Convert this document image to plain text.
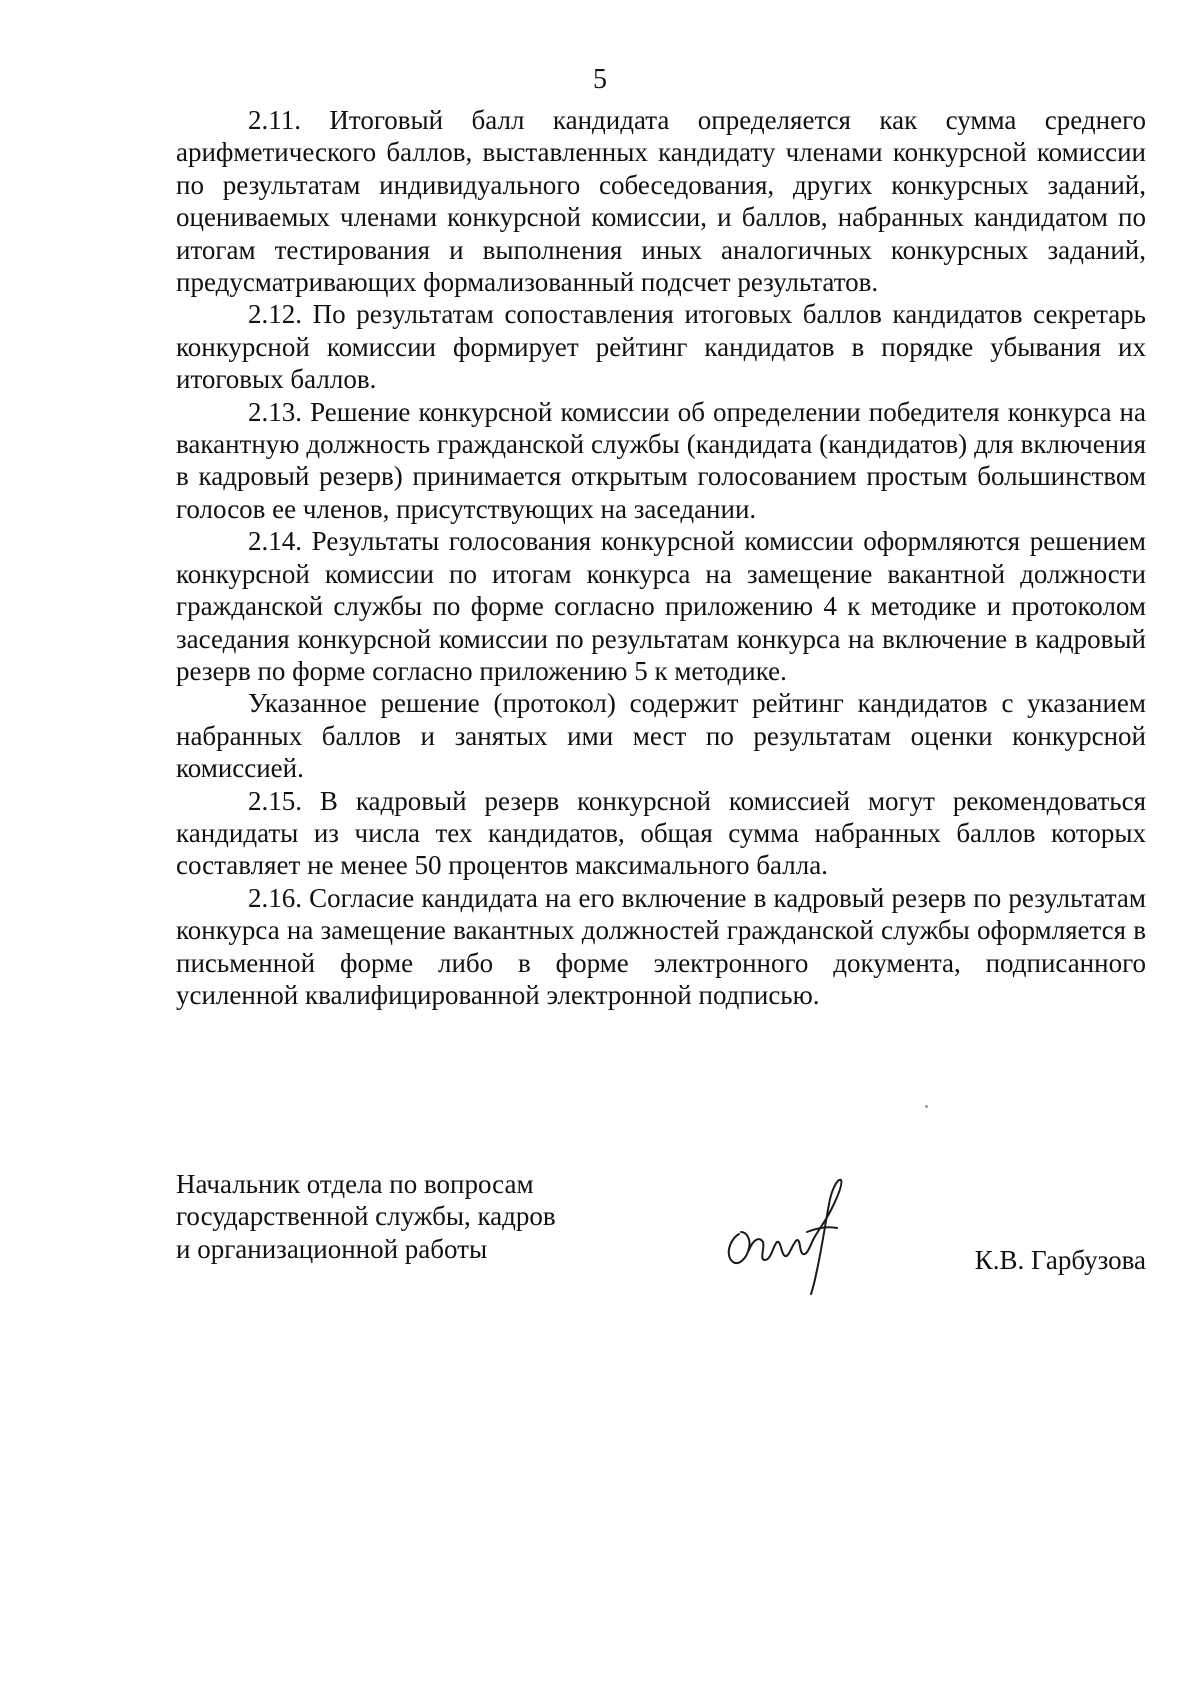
5

2.11. Итоговый балл кандидата определяется как сумма среднего арифметического баллов, выставленных кандидату членами конкурсной комиссии по результатам индивидуального собеседования, других конкурсных заданий, оцениваемых членами конкурсной комиссии, и баллов, набранных кандидатом по итогам тестирования и выполнения иных аналогичных конкурсных заданий, предусматривающих формализованный подсчет результатов.

2.12. По результатам сопоставления итоговых баллов кандидатов секретарь конкурсной комиссии формирует рейтинг кандидатов в порядке убывания их итоговых баллов.

2.13. Решение конкурсной комиссии об определении победителя конкурса на вакантную должность гражданской службы (кандидата (кандидатов) для включения в кадровый резерв) принимается открытым голосованием простым большинством голосов ее членов, присутствующих на заседании.

2.14. Результаты голосования конкурсной комиссии оформляются решением конкурсной комиссии по итогам конкурса на замещение вакантной должности гражданской службы по форме согласно приложению 4 к методике и протоколом заседания конкурсной комиссии по результатам конкурса на включение в кадровый резерв по форме согласно приложению 5 к методике.

Указанное решение (протокол) содержит рейтинг кандидатов с указанием набранных баллов и занятых ими мест по результатам оценки конкурсной комиссией.

2.15. В кадровый резерв конкурсной комиссией могут рекомендоваться кандидаты из числа тех кандидатов, общая сумма набранных баллов которых составляет не менее 50 процентов максимального балла.

2.16. Согласие кандидата на его включение в кадровый резерв по результатам конкурса на замещение вакантных должностей гражданской службы оформляется в письменной форме либо в форме электронного документа, подписанного усиленной квалифицированной электронной подписью.

Начальник отдела по вопросам
государственной службы, кадров
и организационной работы	К.В. Гарбузова
